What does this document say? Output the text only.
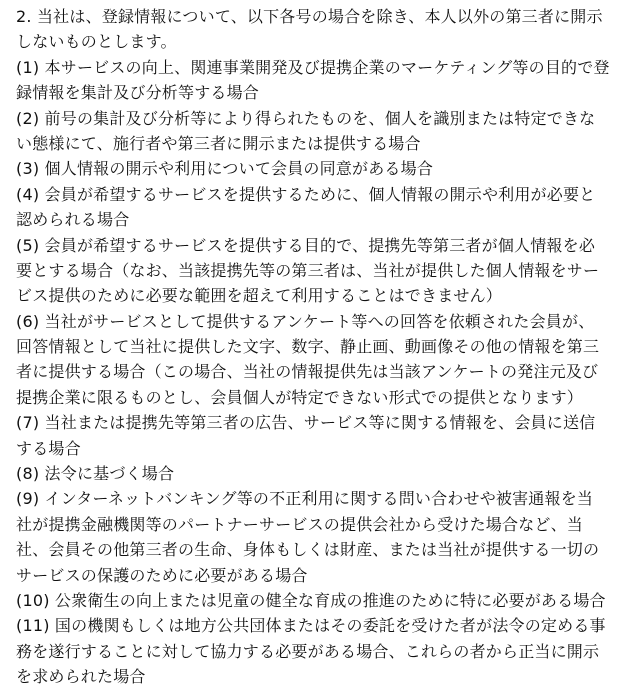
2. 当社は、登録情報について、以下各号の場合を除き、本人以外の第三者に開示
しないものとします。
(1) 本サービスの向上、関連事業開発及び提携企業のマーケティング等の目的で登
録情報を集計及び分析等する場合
(2) 前号の集計及び分析等により得られたものを、個人を識別または特定できな
い態様にて、施行者や第三者に開示または提供する場合
(3) 個人情報の開示や利用について会員の同意がある場合
(4) 会員が希望するサービスを提供するために、個人情報の開示や利用が必要と
認められる場合
(5) 会員が希望するサービスを提供する目的で、提携先等第三者が個人情報を必
要とする場合（なお、当該提携先等の第三者は、当社が提供した個人情報をサー
ビス提供のために必要な範囲を超えて利用することはできません）
(6) 当社がサービスとして提供するアンケート等への回答を依頼された会員が、
回答情報として当社に提供した文字、数字、静止画、動画像その他の情報を第三
者に提供する場合（この場合、当社の情報提供先は当該アンケートの発注元及び
提携企業に限るものとし、会員個人が特定できない形式での提供となります）
(7) 当社または提携先等第三者の広告、サービス等に関する情報を、会員に送信
する場合
(8) 法令に基づく場合
(9) インターネットバンキング等の不正利用に関する問い合わせや被害通報を当
社が提携金融機関等のパートナーサービスの提供会社から受けた場合など、当
社、会員その他第三者の生命、身体もしくは財産、または当社が提供する一切の
サービスの保護のために必要がある場合
(10) 公衆衛生の向上または児童の健全な育成の推進のために特に必要がある場合
(11) 国の機関もしくは地方公共団体またはその委託を受けた者が法令の定める事
務を遂行することに対して協力する必要がある場合、これらの者から正当に開示
を求められた場合
